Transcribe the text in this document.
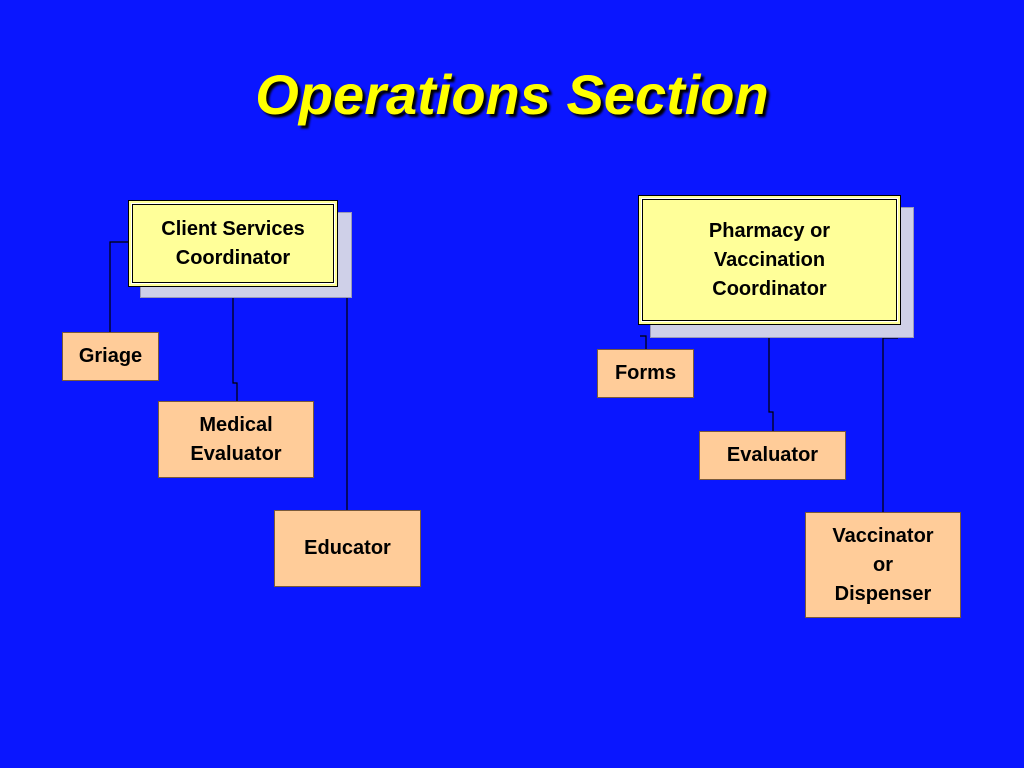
Operations Section
Client Services
Coordinator
Griage
Medical
Evaluator
Educator
Pharmacy or
Vaccination
Coordinator
Forms
Evaluator
Vaccinator
or
Dispenser
